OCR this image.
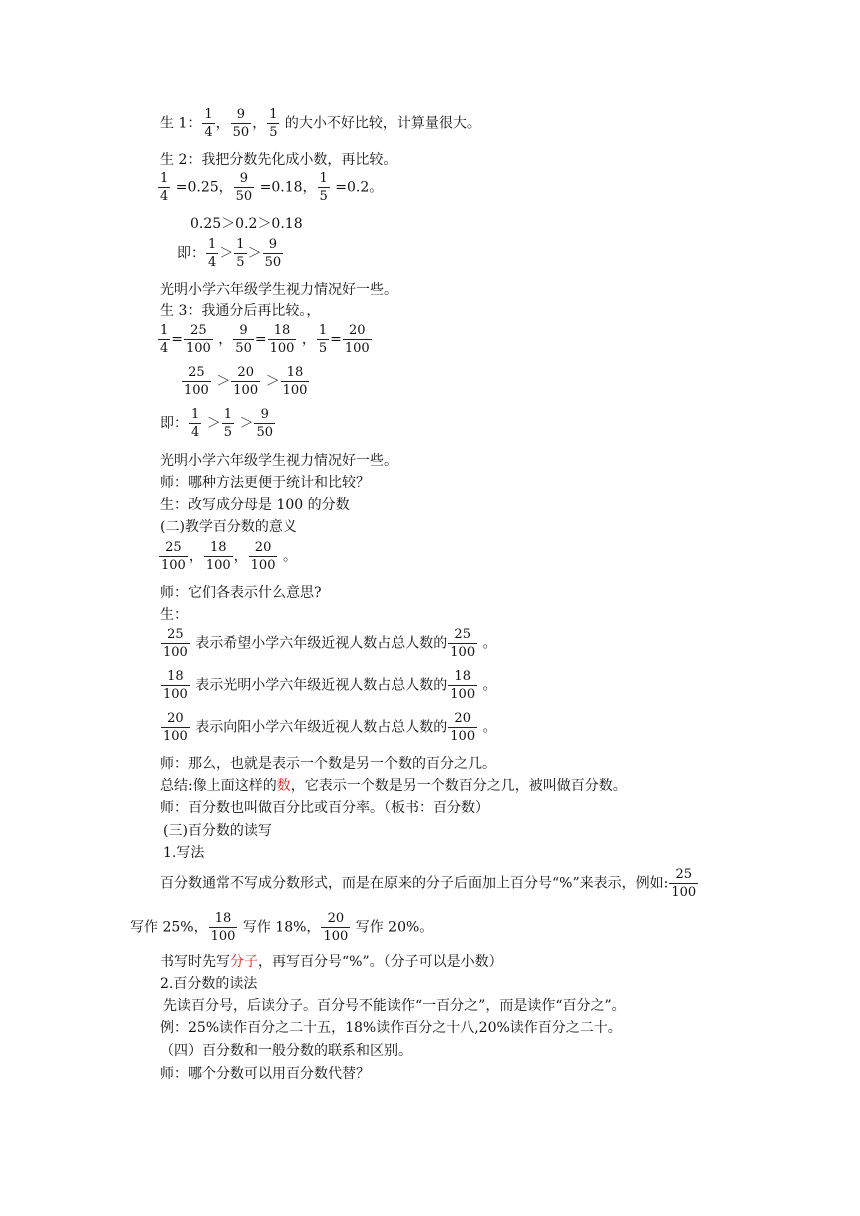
生 1： $\frac{1}{4}$ ， $\frac{9}{50}$ ， $\frac{1}{5}$ 的大小不好比较，计算量很大。
生 2：我把分数先化成小数，再比较。
$\frac{1}{4} =0.25$， $\frac{9}{50} =0.18$， $\frac{1}{5} =0.2$。
0.25＞0.2＞0.18
即： $\frac{1}{4} > \frac{1}{5} > \frac{9}{50}$
光明小学六年级学生视力情况好一些。
生 3：我通分后再比较。，
$\frac{1}{4} = \frac{25}{100}$ ， $\frac{9}{50} = \frac{18}{100}$ ， $\frac{1}{5} = \frac{20}{100}$
$\frac{25}{100} > \frac{20}{100} > \frac{18}{100}$
即： $\frac{1}{4} > \frac{1}{5} > \frac{9}{50}$
光明小学六年级学生视力情况好一些。
师：哪种方法更便于统计和比较？
生：改写成分母是 100 的分数
(二)教学百分数的意义
$\frac{25}{100}$ ， $\frac{18}{100}$ ， $\frac{20}{100}$ 。
师：它们各表示什么意思?
生：
$\frac{25}{100}$ 表示希望小学六年级近视人数占总人数的 $\frac{25}{100}$ 。
$\frac{18}{100}$ 表示光明小学六年级近视人数占总人数的 $\frac{18}{100}$ 。
$\frac{20}{100}$ 表示向阳小学六年级近视人数占总人数的 $\frac{20}{100}$ 。
师：那么，也就是表示一个数是另一个数的百分之几。
总结:像上面这样的数，它表示一个数是另一个数百分之几，被叫做百分数。
师：百分数也叫做百分比或百分率。（板书：百分数）
(三)百分数的读写
1.写法
百分数通常不写成分数形式，而是在原来的分子后面加上百分号“%”来表示，例如: $\frac{25}{100}$
写作 25%， $\frac{18}{100}$ 写作 18%， $\frac{20}{100}$ 写作 20%。
书写时先写分子，再写百分号“%”。（分子可以是小数）
2.百分数的读法
先读百分号，后读分子。百分号不能读作“一百分之”，而是读作“百分之”。
例：25%读作百分之二十五，18%读作百分之十八,20%读作百分之二十。
（四）百分数和一般分数的联系和区别。
师：哪个分数可以用百分数代替？
